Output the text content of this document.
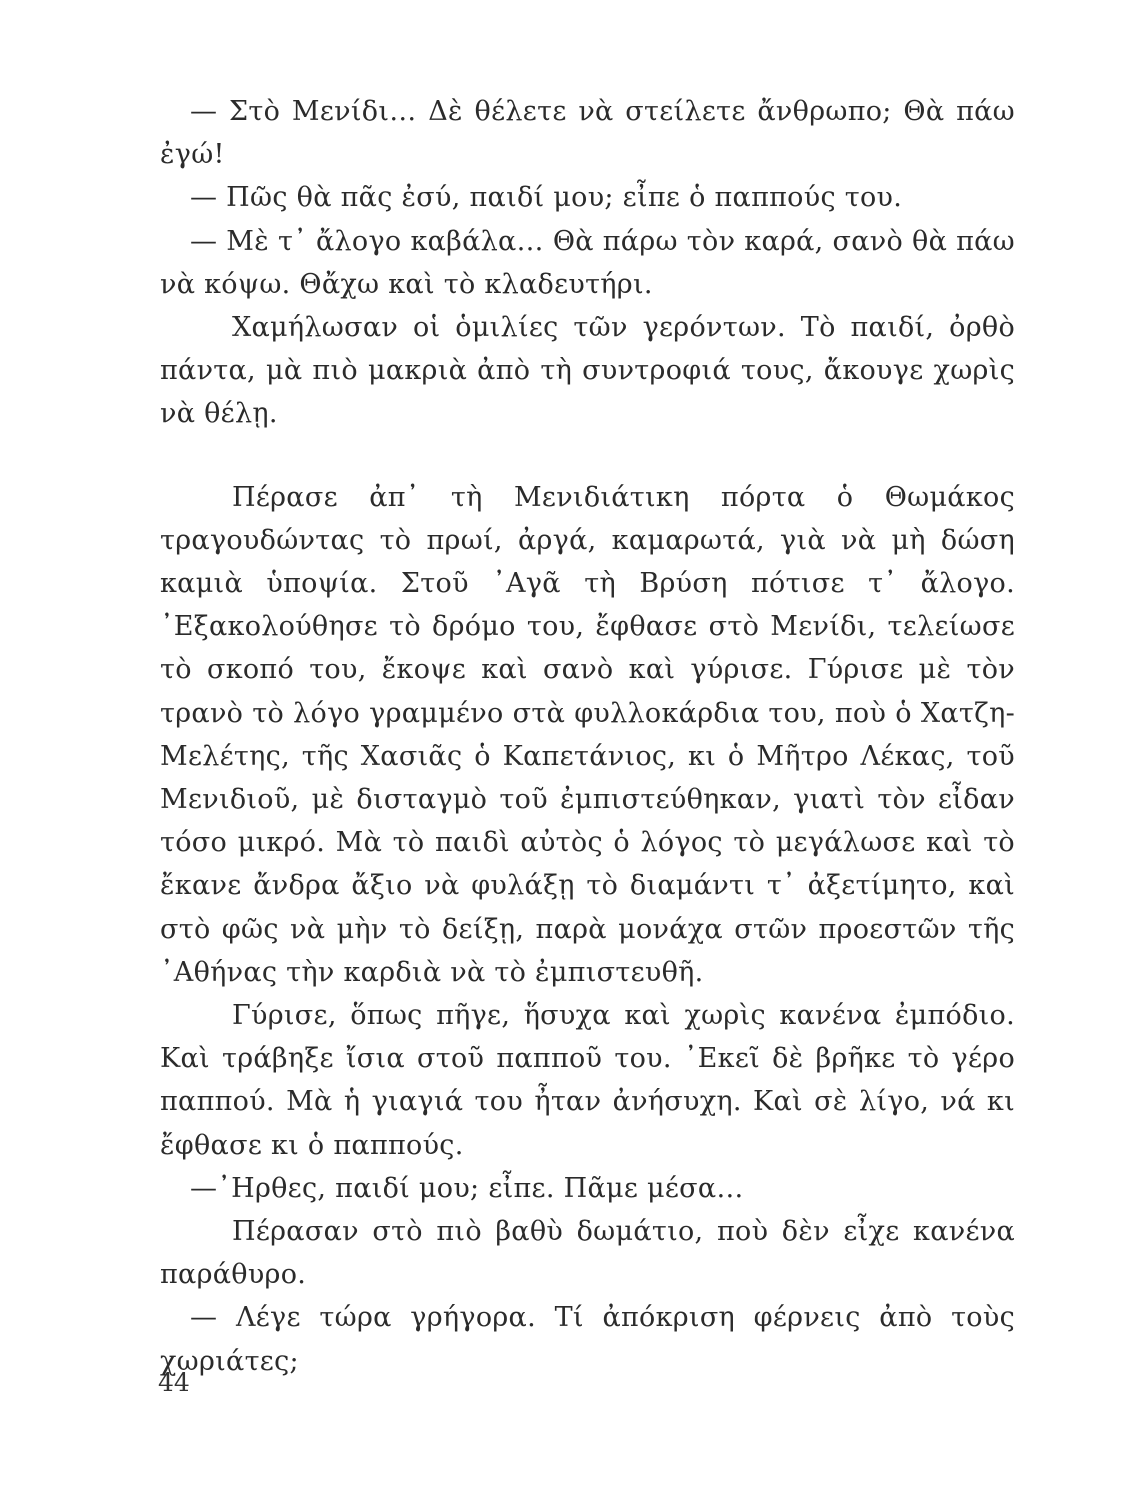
— Στὸ Μενίδι… Δὲ θέλετε νὰ στείλετε ἄνθρωπο; Θὰ πάω ἐγώ!

— Πῶς θὰ πᾶς ἐσύ, παιδί μου; εἶπε ὁ παππούς του.

— Μὲ τ᾽ ἄλογο καβάλα… Θὰ πάρω τὸν καρά, σανὸ θὰ πάω νὰ κόψω. Θἄχω καὶ τὸ κλαδευτήρι.

Χαμήλωσαν οἱ ὁμιλίες τῶν γερόντων. Τὸ παιδί, ὀρθὸ πάντα, μὰ πιὸ μακριὰ ἀπὸ τὴ συντροφιά τους, ἄκουγε χωρὶς νὰ θέλῃ.

Πέρασε ἀπ᾽ τὴ Μενιδιάτικη πόρτα ὁ Θωμάκος τραγουδώντας τὸ πρωί, ἀργά, καμαρωτά, γιὰ νὰ μὴ δώση καμιὰ ὑποψία. Στοῦ ᾽Αγᾶ τὴ Βρύση πότισε τ᾽ ἄλογο. ᾽Εξακολούθησε τὸ δρόμο του, ἔφθασε στὸ Μενίδι, τελείωσε τὸ σκοπό του, ἔκοψε καὶ σανὸ καὶ γύρισε. Γύρισε μὲ τὸν τρανὸ τὸ λόγο γραμμένο στὰ φυλλοκάρδια του, ποὺ ὁ Χατζη-Μελέτης, τῆς Χασιᾶς ὁ Καπετάνιος, κι ὁ Μῆτρο Λέκας, τοῦ Μενιδιοῦ, μὲ δισταγμὸ τοῦ ἐμπιστεύθηκαν, γιατὶ τὸν εἶδαν τόσο μικρό. Μὰ τὸ παιδὶ αὐτὸς ὁ λόγος τὸ μεγάλωσε καὶ τὸ ἔκανε ἄνδρα ἄξιο νὰ φυλάξῃ τὸ διαμάντι τ᾽ ἀξετίμητο, καὶ στὸ φῶς νὰ μὴν τὸ δείξῃ, παρὰ μονάχα στῶν προεστῶν τῆς ᾽Αθήνας τὴν καρδιὰ νὰ τὸ ἐμπιστευθῆ.

Γύρισε, ὅπως πῆγε, ἥσυχα καὶ χωρὶς κανένα ἐμπόδιο. Καὶ τράβηξε ἴσια στοῦ παπποῦ του. ᾽Εκεῖ δὲ βρῆκε τὸ γέρο παππού. Μὰ ἡ γιαγιά του ἦταν ἀνήσυχη. Καὶ σὲ λίγο, νά κι ἔφθασε κι ὁ παππούς.

—᾽Ηρθες, παιδί μου; εἶπε. Πᾶμε μέσα…

Πέρασαν στὸ πιὸ βαθὺ δωμάτιο, ποὺ δὲν εἶχε κανένα παράθυρο.

— Λέγε τώρα γρήγορα. Τί ἀπόκριση φέρνεις ἀπὸ τοὺς χωριάτες;

44
